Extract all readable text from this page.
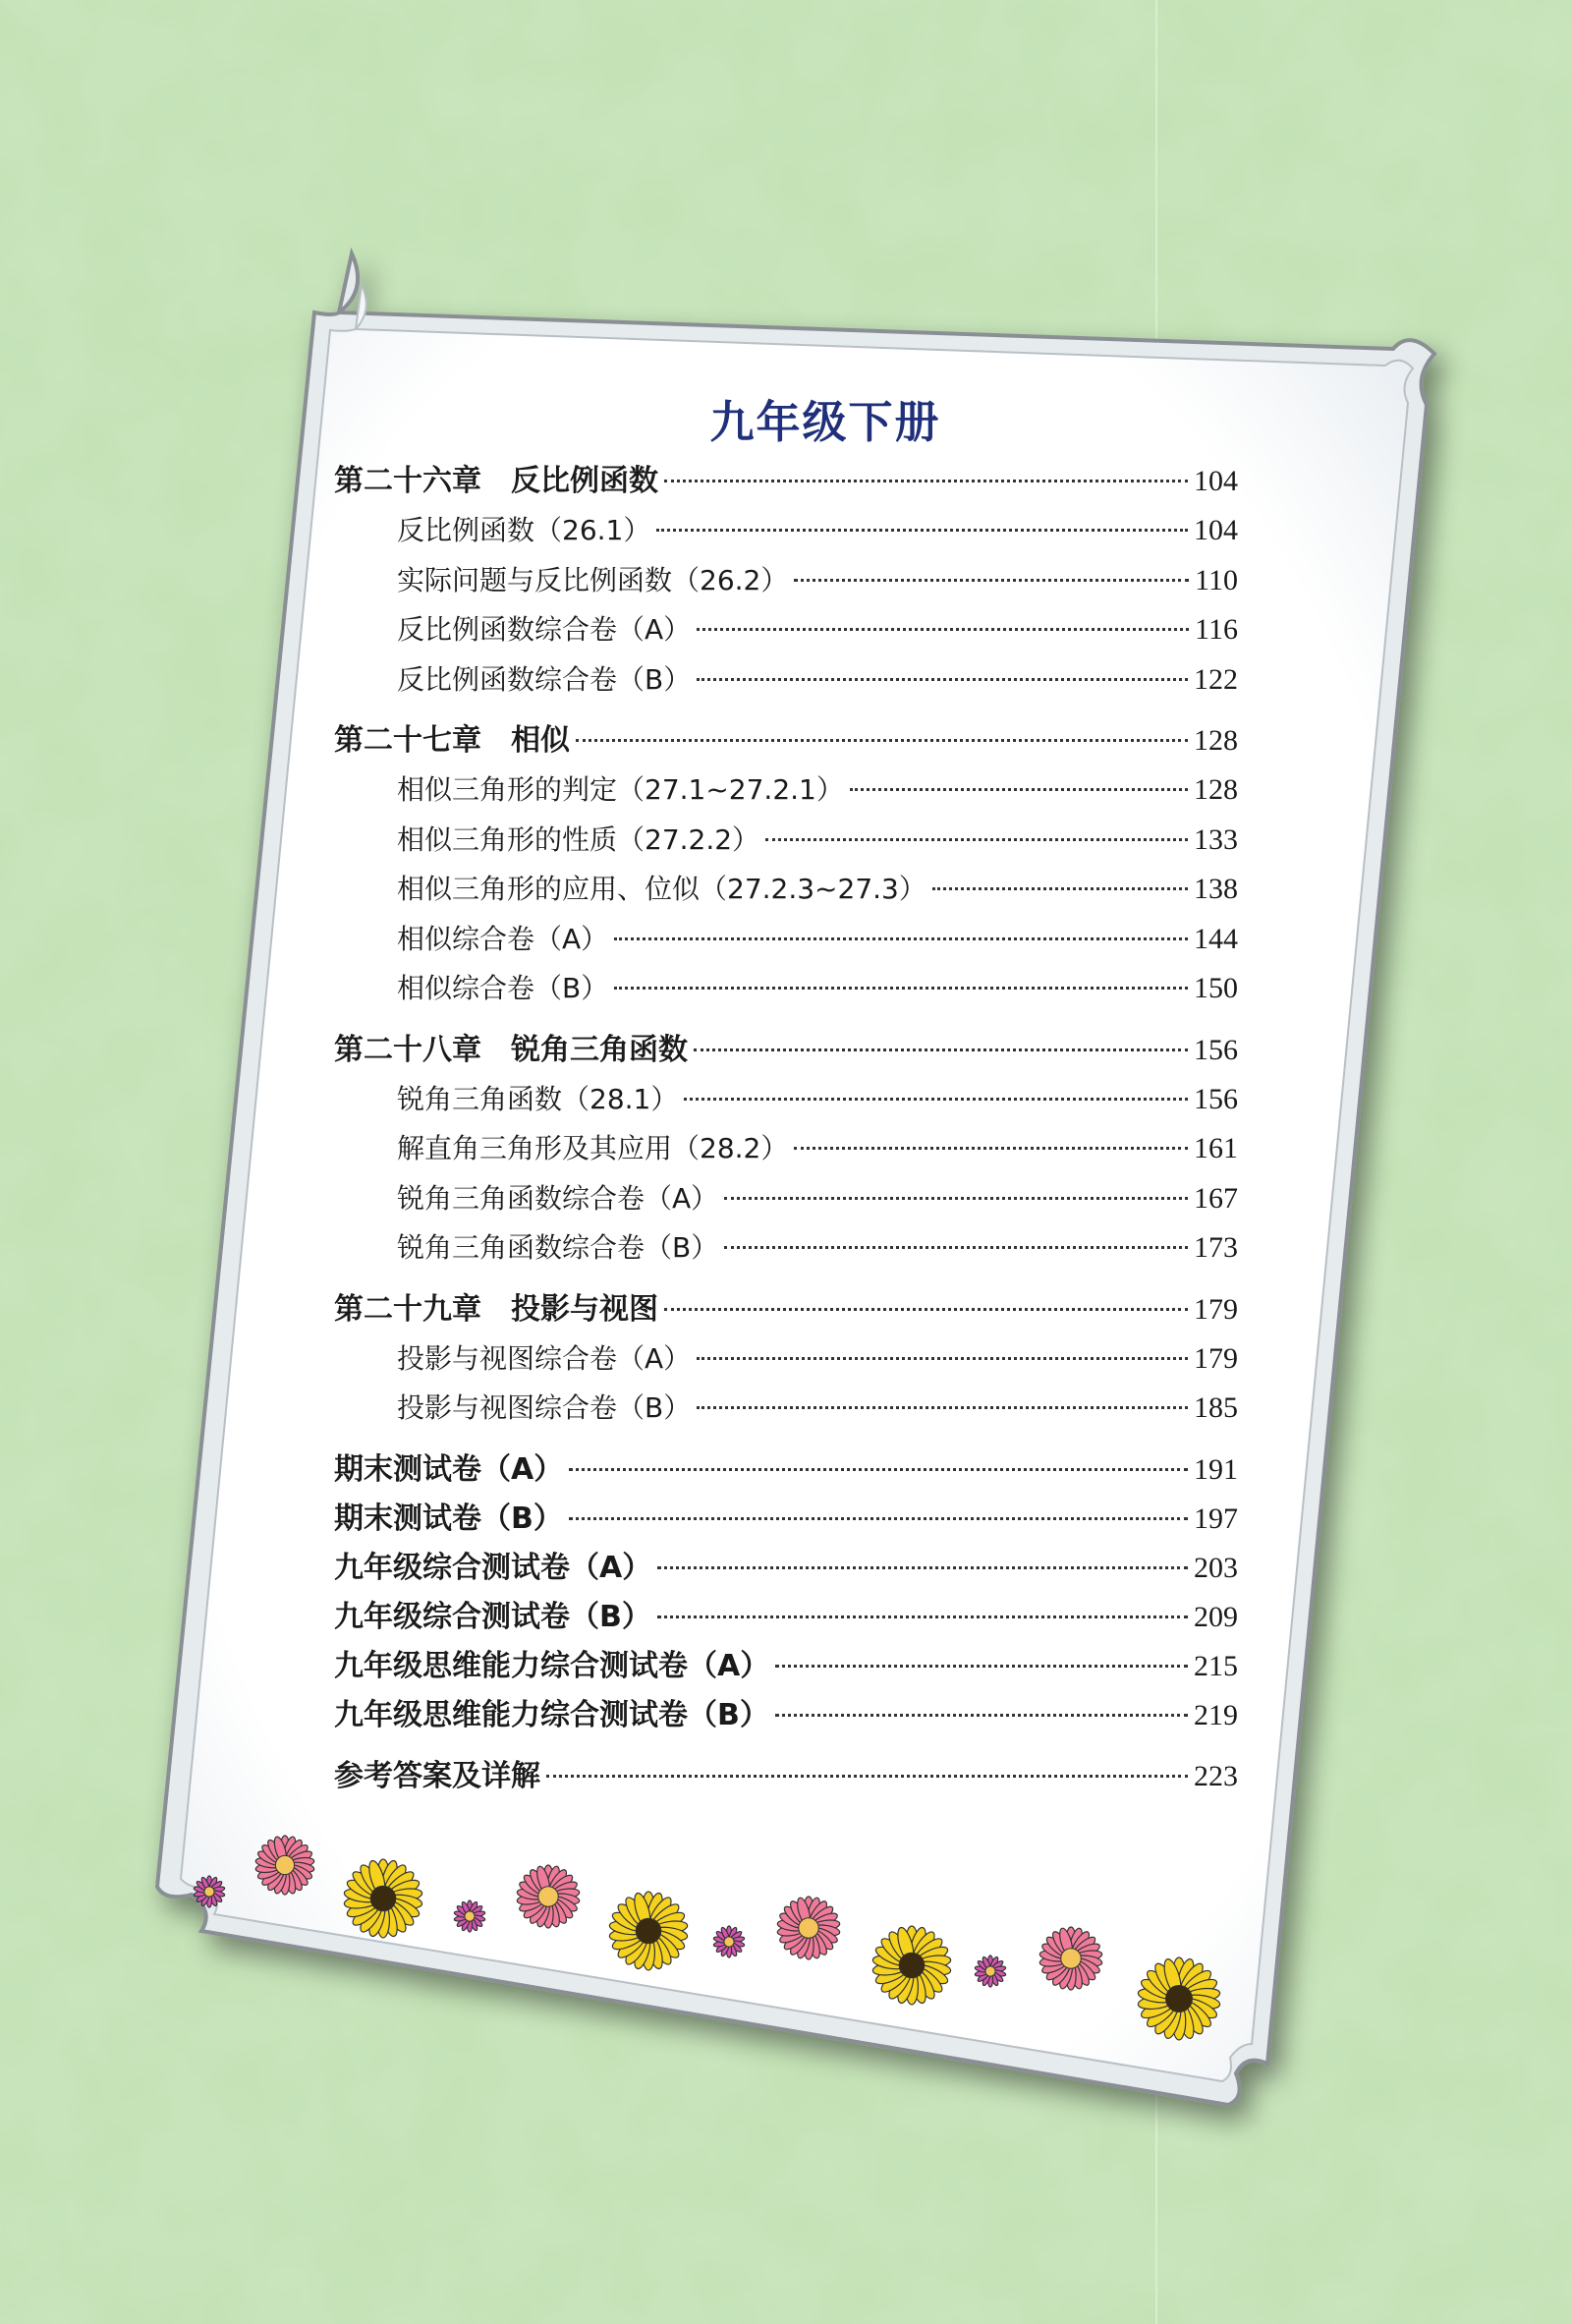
九年级下册
第二十六章　反比例函数	104
反比例函数（26.1）	104
实际问题与反比例函数（26.2）	110
反比例函数综合卷（A）	116
反比例函数综合卷（B）	122
第二十七章　相似	128
相似三角形的判定（27.1~27.2.1）	128
相似三角形的性质（27.2.2）	133
相似三角形的应用、位似（27.2.3~27.3）	138
相似综合卷（A）	144
相似综合卷（B）	150
第二十八章　锐角三角函数	156
锐角三角函数（28.1）	156
解直角三角形及其应用（28.2）	161
锐角三角函数综合卷（A）	167
锐角三角函数综合卷（B）	173
第二十九章　投影与视图	179
投影与视图综合卷（A）	179
投影与视图综合卷（B）	185
期末测试卷（A）	191
期末测试卷（B）	197
九年级综合测试卷（A）	203
九年级综合测试卷（B）	209
九年级思维能力综合测试卷（A）	215
九年级思维能力综合测试卷（B）	219
参考答案及详解	223
